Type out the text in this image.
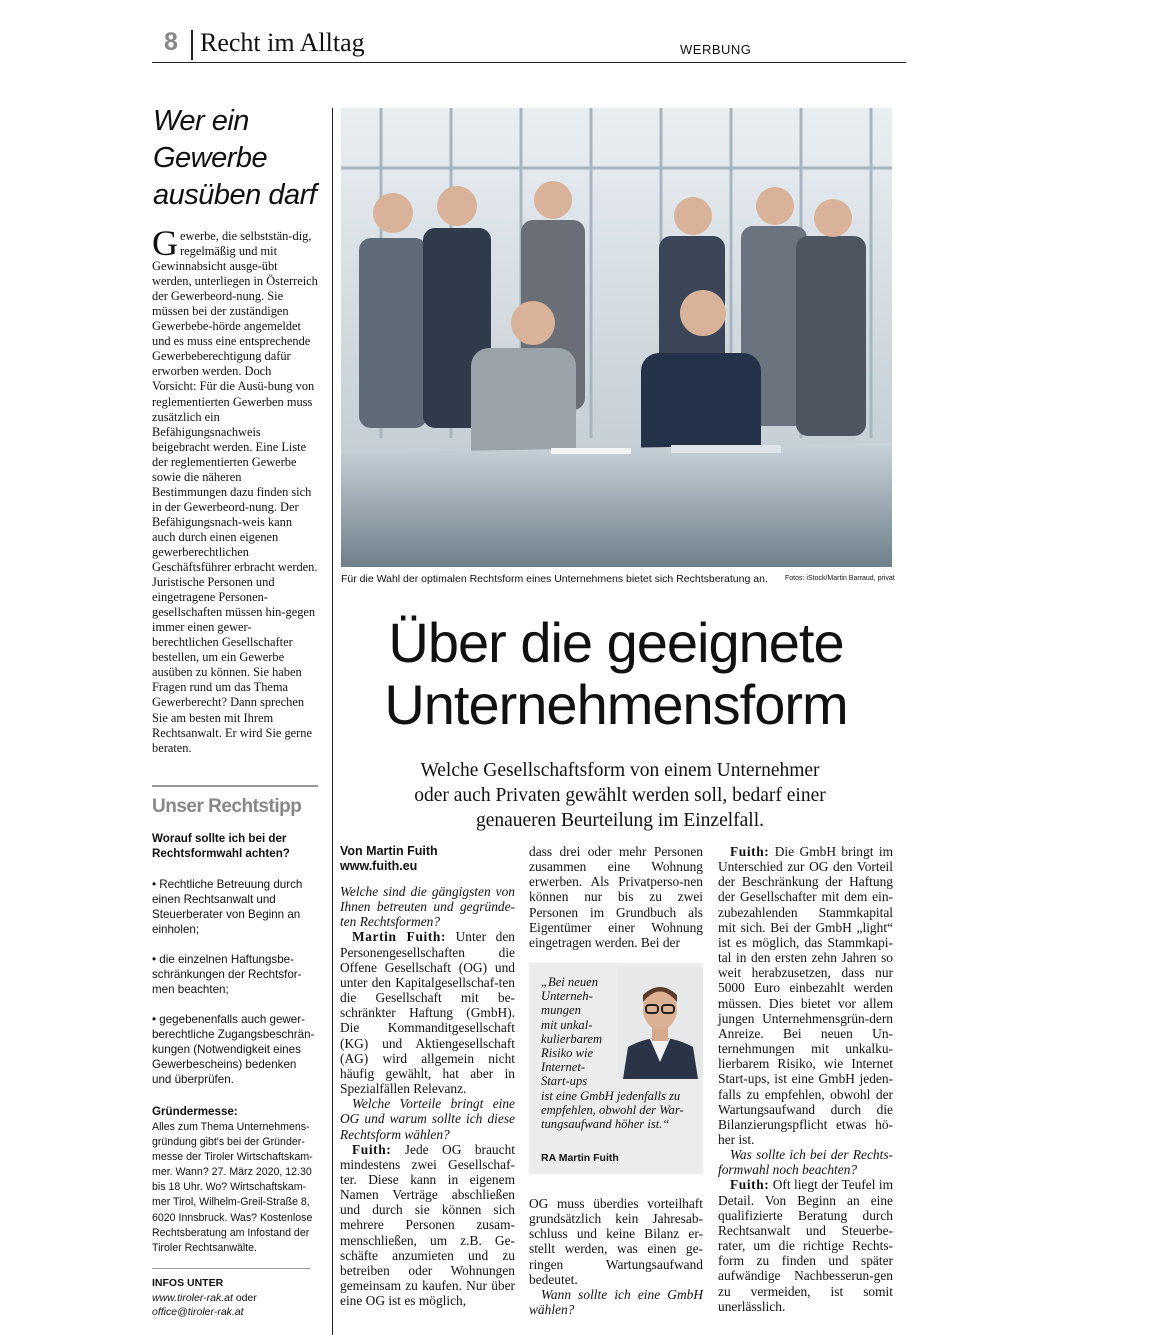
8 Recht im Alltag	WERBUNG
Wer ein
Gewerbe
ausüben darf
Gewerbe, die selbststän-dig, regelmäßig und mit Gewinnabsicht ausge-übt werden, unterliegen in Österreich der Gewerbeord-nung. Sie müssen bei der zuständigen Gewerbebe-hörde angemeldet und es muss eine entsprechende Gewerbeberechtigung dafür erworben werden. Doch Vorsicht: Für die Ausü-bung von reglementierten Gewerben muss zusätzlich ein Befähigungsnachweis beigebracht werden. Eine Liste der reglementierten Gewerbe sowie die näheren Bestimmungen dazu finden sich in der Gewerbeord-nung. Der Befähigungsnach-weis kann auch durch einen eigenen gewerberechtlichen Geschäftsführer erbracht werden. Juristische Personen und eingetragene Personen-gesellschaften müssen hin-gegen immer einen gewer-berechtlichen Gesellschafter bestellen, um ein Gewerbe ausüben zu können. Sie haben Fragen rund um das Thema Gewerberecht? Dann sprechen Sie am besten mit Ihrem Rechtsanwalt. Er wird Sie gerne beraten.
Unser Rechtstipp
Worauf sollte ich bei der Rechtsformwahl achten?

• Rechtliche Betreuung durch einen Rechtsanwalt und Steuerberater von Beginn an einholen;

• die einzelnen Haftungsbe-schränkungen der Rechtsfor-men beachten;

• gegebenenfalls auch gewer-berechtliche Zugangsbeschrän-kungen (Notwendigkeit eines Gewerbescheins) bedenken und überprüfen.

Gründermesse:
Alles zum Thema Unternehmens-gründung gibt's bei der Gründer-messe der Tiroler Wirtschaftskam-mer. Wann? 27. März 2020, 12.30 bis 18 Uhr. Wo? Wirtschaftskam-mer Tirol, Wilhelm-Greil-Straße 8, 6020 Innsbruck. Was? Kostenlose Rechtsberatung am Infostand der Tiroler Rechtsanwälte.
INFOS UNTER
www.tiroler-rak.at oder
office@tiroler-rak.at
Für die Wahl der optimalen Rechtsform eines Unternehmens bietet sich Rechtsberatung an. Fotos: iStock/Martin Barraud, privat
Über die geeignete
Unternehmensform
Welche Gesellschaftsform von einem Unternehmer
oder auch Privaten gewählt werden soll, bedarf einer
genaueren Beurteilung im Einzelfall.

Von Martin Fuith
www.fuith.eu

Welche sind die gängigsten von Ihnen betreuten und gegründe-ten Rechtsformen?

Martin Fuith: Unter den Personengesellschaften die Offene Gesellschaft (OG) und unter den Kapitalgesellschaf-ten die Gesellschaft mit be-schränkter Haftung (GmbH). Die Kommanditgesellschaft (KG) und Aktiengesellschaft (AG) wird allgemein nicht häufig gewählt, hat aber in Spezialfällen Relevanz.

Welche Vorteile bringt eine OG und warum sollte ich diese Rechtsform wählen?

Fuith: Jede OG braucht mindestens zwei Gesellschaf-ter. Diese kann in eigenem Namen Verträge abschließen und durch sie können sich mehrere Personen zusam-menschließen, um z.B. Ge-schäfte anzumieten und zu betreiben oder Wohnungen gemeinsam zu kaufen. Nur über eine OG ist es möglich,

dass drei oder mehr Personen zusammen eine Wohnung erwerben. Als Privatperso-nen können nur bis zu zwei Personen im Grundbuch als Eigentümer einer Wohnung eingetragen werden. Bei der

„Bei neuen
Unterneh-
mungen
mit unkal-
kulierbarem
Risiko wie
Internet-
Start-ups
ist eine GmbH jedenfalls zu
empfehlen, obwohl der War-
tungsaufwand höher ist.“
RA Martin Fuith

OG muss überdies vorteilhaft grundsätzlich kein Jahresab-schluss und keine Bilanz er-stellt werden, was einen ge-ringen Wartungsaufwand bedeutet.

Wann sollte ich eine GmbH wählen?

Fuith: Die GmbH bringt im Unterschied zur OG den Vorteil der Beschränkung der Haftung der Gesellschafter mit dem ein-zubezahlenden Stammkapital mit sich. Bei der GmbH „light“ ist es möglich, das Stammkapi-tal in den ersten zehn Jahren so weit herabzusetzen, dass nur 5000 Euro einbezahlt werden müssen. Dies bietet vor allem jungen Unternehmensgrün-dern Anreize. Bei neuen Un-ternehmungen mit unkalku-lierbarem Risiko, wie Internet Start-ups, ist eine GmbH jeden-falls zu empfehlen, obwohl der Wartungsaufwand durch die Bilanzierungspflicht etwas hö-her ist.

Was sollte ich bei der Rechts-formwahl noch beachten?

Fuith: Oft liegt der Teufel im Detail. Von Beginn an eine qualifizierte Beratung durch Rechtsanwalt und Steuerbe-rater, um die richtige Rechts-form zu finden und später aufwändige Nachbesserun-gen zu vermeiden, ist somit unerlässlich.
